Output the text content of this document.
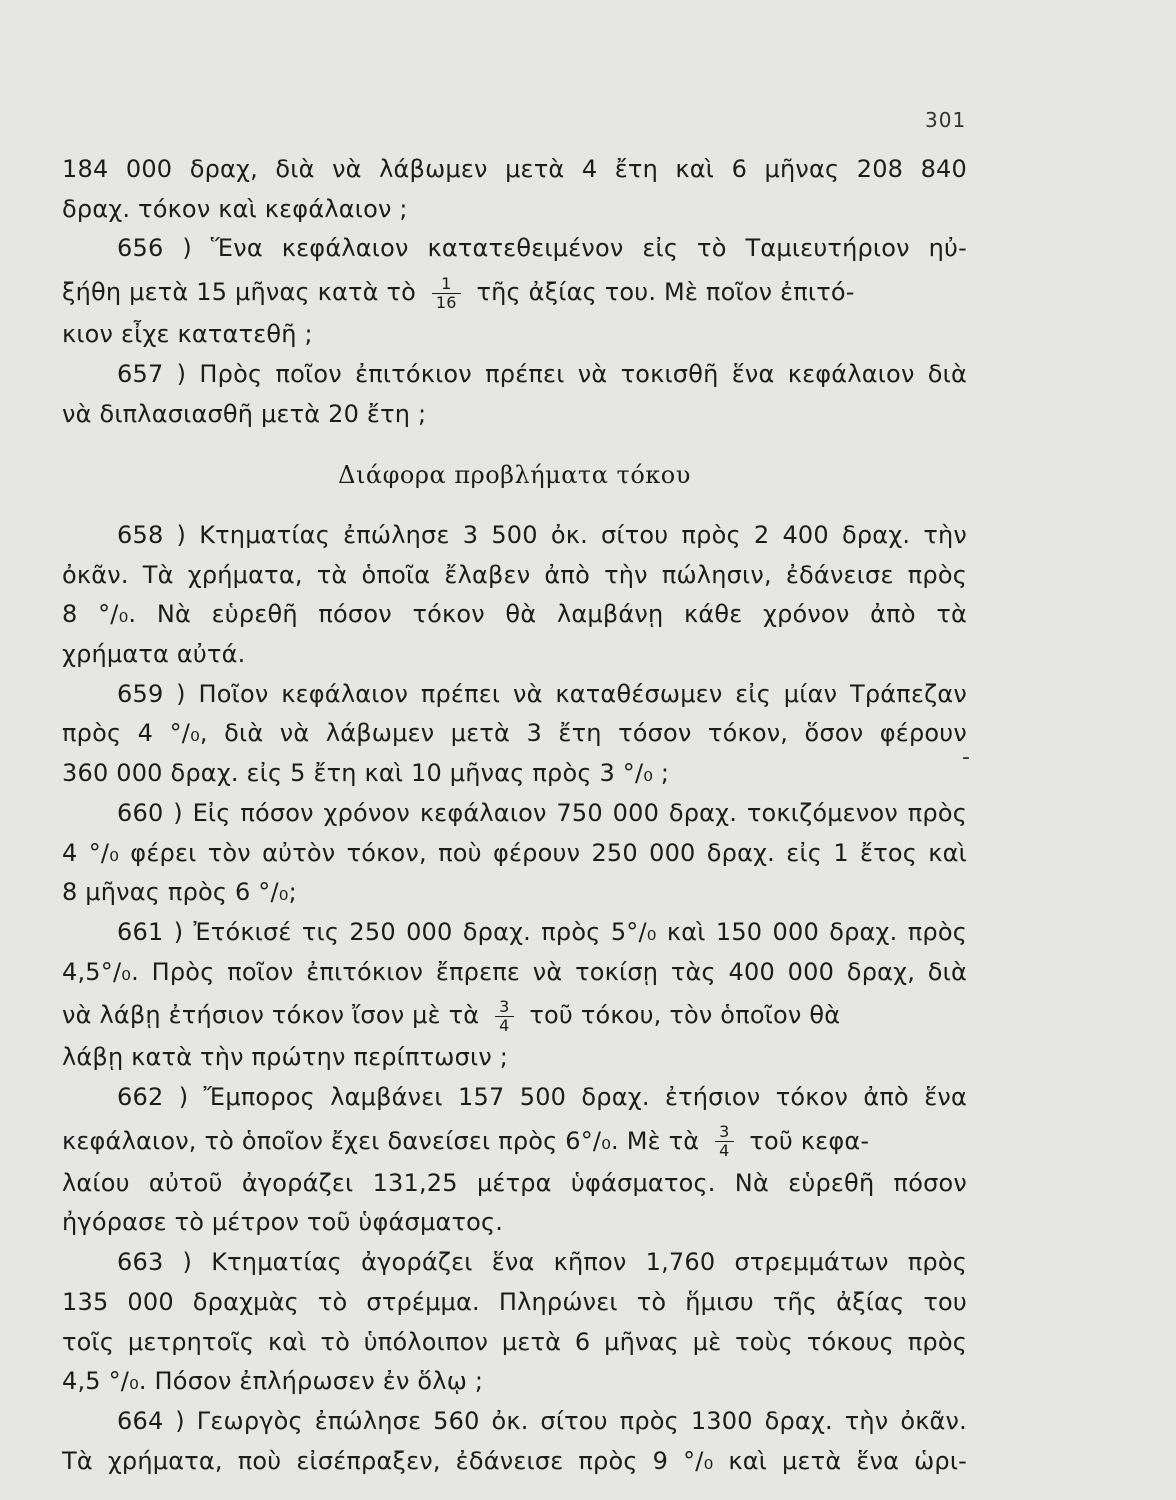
301
-
184 000 δραχ, διὰ νὰ λάβωμεν μετὰ 4 ἔτη καὶ 6 μῆνας 208 840
δραχ. τόκον καὶ κεφάλαιον ;
656 ) Ἕνα κεφάλαιον κατατεθειμένον εἰς τὸ Ταμιευτήριον ηὐ-
ξήθη μετὰ 15 μῆνας κατὰ τὸ $\frac{1}{16}$ τῆς ἀξίας του. Μὲ ποῖον ἐπιτό-
κιον εἶχε κατατεθῆ ;
657 ) Πρὸς ποῖον ἐπιτόκιον πρέπει νὰ τοκισθῆ ἕνα κεφάλαιον διὰ
νὰ διπλασιασθῆ μετὰ 20 ἔτη ;
Διάφορα προβλήματα τόκου
658 ) Κτηματίας ἐπώλησε 3 500 ὀκ. σίτου πρὸς 2 400 δραχ. τὴν
ὀκᾶν. Τὰ χρήματα, τὰ ὁποῖα ἔλαβεν ἀπὸ τὴν πώλησιν, ἐδάνεισε πρὸς
8 °/₀. Νὰ εὑρεθῆ πόσον τόκον θὰ λαμβάνῃ κάθε χρόνον ἀπὸ τὰ
χρήματα αὐτά.
659 ) Ποῖον κεφάλαιον πρέπει νὰ καταθέσωμεν εἰς μίαν Τράπεζαν
πρὸς 4 °/₀, διὰ νὰ λάβωμεν μετὰ 3 ἔτη τόσον τόκον, ὅσον φέρουν
360 000 δραχ. εἰς 5 ἔτη καὶ 10 μῆνας πρὸς 3 °/₀ ;
660 ) Εἰς πόσον χρόνον κεφάλαιον 750 000 δραχ. τοκιζόμενον πρὸς
4 °/₀ φέρει τὸν αὐτὸν τόκον, ποὺ φέρουν 250 000 δραχ. εἰς 1 ἔτος καὶ
8 μῆνας πρὸς 6 °/₀;
661 ) Ἐτόκισέ τις 250 000 δραχ. πρὸς 5°/₀ καὶ 150 000 δραχ. πρὸς
4,5°/₀. Πρὸς ποῖον ἐπιτόκιον ἔπρεπε νὰ τοκίσῃ τὰς 400 000 δραχ, διὰ
νὰ λάβῃ ἐτήσιον τόκον ἴσον μὲ τὰ $\frac{3}{4}$ τοῦ τόκου, τὸν ὁποῖον θὰ
λάβῃ κατὰ τὴν πρώτην περίπτωσιν ;
662 ) Ἔμπορος λαμβάνει 157 500 δραχ. ἐτήσιον τόκον ἀπὸ ἕνα
κεφάλαιον, τὸ ὁποῖον ἔχει δανείσει πρὸς 6°/₀. Μὲ τὰ $\frac{3}{4}$ τοῦ κεφα-
λαίου αὐτοῦ ἀγοράζει 131,25 μέτρα ὑφάσματος. Νὰ εὑρεθῆ πόσον
ἠγόρασε τὸ μέτρον τοῦ ὑφάσματος.
663 ) Κτηματίας ἀγοράζει ἕνα κῆπον 1,760 στρεμμάτων πρὸς
135 000 δραχμὰς τὸ στρέμμα. Πληρώνει τὸ ἥμισυ τῆς ἀξίας του
τοῖς μετρητοῖς καὶ τὸ ὑπόλοιπον μετὰ 6 μῆνας μὲ τοὺς τόκους πρὸς
4,5 °/₀. Πόσον ἐπλήρωσεν ἐν ὅλῳ ;
664 ) Γεωργὸς ἐπώλησε 560 ὀκ. σίτου πρὸς 1300 δραχ. τὴν ὀκᾶν.
Τὰ χρήματα, ποὺ εἰσέπραξεν, ἐδάνεισε πρὸς 9 °/₀ καὶ μετὰ ἕνα ὡρι-
